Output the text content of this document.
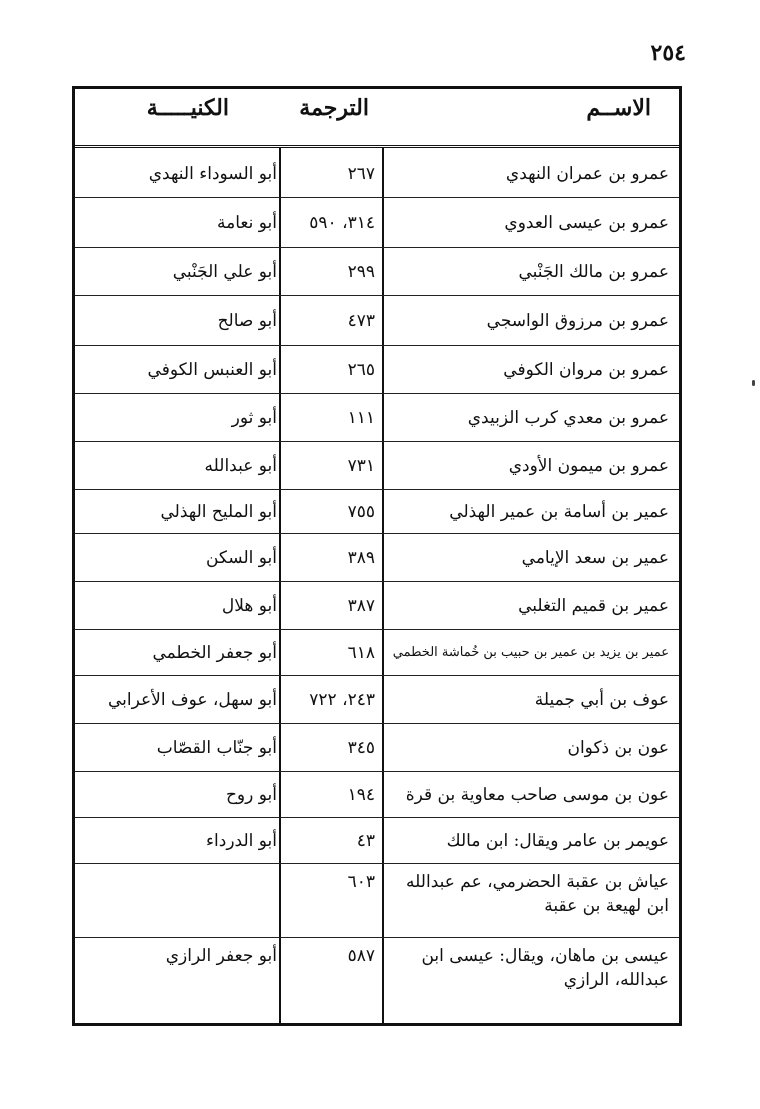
٢٥٤
الاســم
الترجمة
الكنيـــــة
عمرو بن عمران النهدي
٢٦٧
أبو السوداء النهدي
عمرو بن عيسى العدوي
٣١٤، ٥٩٠
أبو نعامة
عمرو بن مالك الجَنْبي
٢٩٩
أبو علي الجَنْبي
عمرو بن مرزوق الواسجي
٤٧٣
أبو صالح
عمرو بن مروان الكوفي
٢٦٥
أبو العنبس الكوفي
عمرو بن معدي كرب الزبيدي
١١١
أبو ثور
عمرو بن ميمون الأودي
٧٣١
أبو عبدالله
عمير بن أسامة بن عمير الهذلي
٧٥٥
أبو المليح الهذلي
عمير بن سعد الإيامي
٣٨٩
أبو السكن
عمير بن قميم التغلبي
٣٨٧
أبو هلال
عمير بن يزيد بن عمير بن حبيب بن خُماشة الخطمي
٦١٨
أبو جعفر الخطمي
عوف بن أبي جميلة
٢٤٣، ٧٢٢
أبو سهل، عوف الأعرابي
عون بن ذكوان
٣٤٥
أبو جنّاب القصّاب
عون بن موسى صاحب معاوية بن قرة
١٩٤
أبو روح
عويمر بن عامر ويقال: ابن مالك
٤٣
أبو الدرداء
عياش بن عقبة الحضرمي، عم عبدالله ابن لهيعة بن عقبة
٦٠٣
عيسى بن ماهان، ويقال: عيسى ابن عبدالله، الرازي
٥٨٧
أبو جعفر الرازي
